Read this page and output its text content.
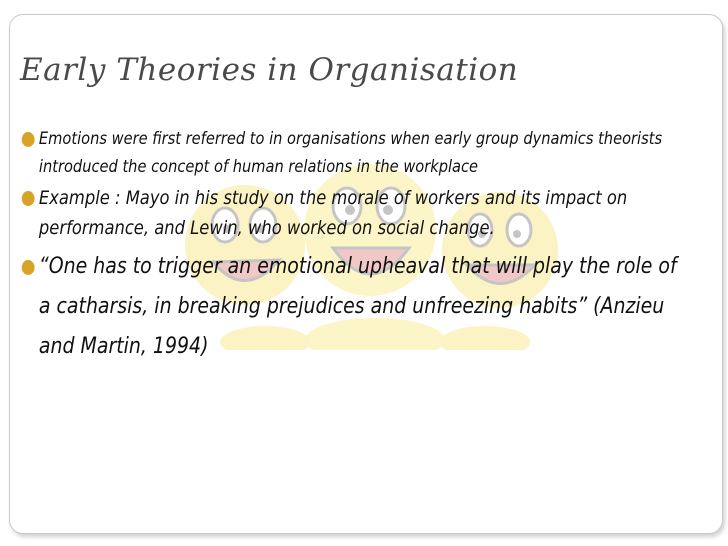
Early Theories in Organisation
Emotions were first referred to in organisations when early group dynamics theorists introduced the concept of human relations in the workplace
Example : Mayo in his study on the morale of workers and its impact on performance, and Lewin, who worked on social change.
“One has to trigger an emotional upheaval that will play the role of a catharsis, in breaking prejudices and unfreezing habits” (Anzieu and Martin, 1994)
